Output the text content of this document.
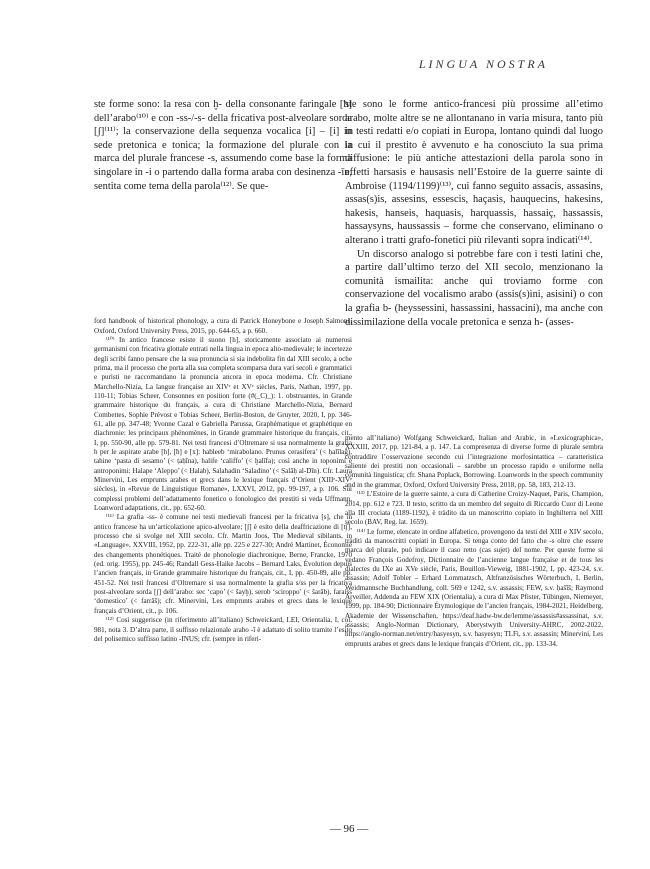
LINGUA NOSTRA

ste forme sono: la resa con ḫ- della consonante faringale [ħ] dell’arabo⁽¹⁰⁾ e con -ss-/-s- della fricativa post-alveolare sorda [ʃ]⁽¹¹⁾; la conservazione della sequenza vocalica [i] – [i] in sede pretonica e tonica; la formazione del plurale con la marca del plurale francese -s, assumendo come base la forma singolare in -i o partendo dalla forma araba con desinenza -īn, sentita come tema della parola⁽¹²⁾. Se que-

ford handbook of historical phonology, a cura di Patrick Honeybone e Joseph Salmons, Oxford, Oxford University Press, 2015, pp. 644-65, a p. 660.

⁽¹⁰⁾ In antico francese esiste il suono [h], storicamente associato ai numerosi germanismi con fricativa glottale entrati nella lingua in epoca alto-medievale; le incertezze degli scribi fanno pensare che la sua pronuncia si sia indebolita fin dal XIII secolo, a oche prima, ma il processo che porta alla sua completa scomparsa dura vari secoli e grammatici e puristi ne raccomandano la pronuncia ancora in epoca moderna. Cfr. Christiane Marchello-Nizia, La langue française au XIVᵉ et XVᵉ siècles, Paris, Nathan, 1997, pp. 110-11; Tobias Scheer, Consonnes en position forte (#(_C)_): 1. obstruantes, in Grande grammaire historique du français, a cura di Christiane Marchello-Nizia, Bernard Combettes, Sophie Prévost e Tobias Scheer, Berlin-Boston, de Gruyter, 2020, I, pp. 346-61, alle pp. 347-48; Yvonne Cazal e Gabriella Parussa, Graphématique et graphétique en diachronie: les principaux phénomènes, in Grande grammaire historique du français, cit., I, pp. 550-90, alle pp. 579-81. Nei testi francesi d’Oltremare si usa normalmente la grafia h per le aspirate arabe [h], [ħ] e [x]: hableeb ‘mirabolano. Prunus cerasifera’ (< ḥalīlaǧ), tahine ‘pasta di sesamo’ (< ṭaḥīna), halife ‘califfo’ (< ḫalīfa); così anche in toponimi e antroponimi: Halape ‘Aleppo’ (< Ḥalab), Salahadin ‘Saladino’ (< Ṣalāḥ al-Dīn). Cfr. Laura Minervini, Les emprunts arabes et grecs dans le lexique français d’Orient (XIIIᵉ-XIVᵉ siècles), in «Revue de Linguistique Romane», LXXVI, 2012, pp. 99-197, a p. 106. Sui complessi problemi dell’adattamento fonetico o fonologico dei prestiti si veda Uffmann, Loanword adaptations, cit., pp. 652-60.

⁽¹¹⁾ La grafia -ss- è comune nei testi medievali francesi per la fricativa [s], che in antico francese ha un’articolazione apico-alveolare; [ʃ] è esito della deaffricazione di [tʃ], processo che si svolge nel XIII secolo. Cfr. Martin Joos, The Medieval sibilants, in «Language», XXVIII, 1952, pp. 222-31, alle pp. 225 e 227-30; André Martinet, Économie des changements phonétiques. Traité de phonologie diachronique, Berne, Francke, 1970 (ed. orig. 1955), pp. 245-46; Randall Gess-Haike Jacobs – Bernard Laks, Évolution depuis l’ancien français, in Grande grammaire historique du français, cit., I, pp. 450-89, alle pp. 451-52. Nei testi francesi d’Oltremare si usa normalmente la grafia s/ss per la fricativa post-alveolare sorda [ʃ] dell’arabo: sec ‘capo’ (< šayḫ), serob ‘sciroppo’ (< šarāb), faraiss ‘domestico’ (< farrāš); cfr. Minervini, Les emprunts arabes et grecs dans le lexique français d’Orient, cit., p. 106.

⁽¹²⁾ Così suggerisce (in riferimento all’italiano) Schweickard, LEI, Orientalia, I, col. 981, nota 3. D’altra parte, il suffisso relazionale arabo -ī è adattato di solito tramite l’esito del polisemico suffisso latino -INUS; cfr. (sempre in riferi-

ste sono le forme antico-francesi più prossime all’etimo arabo, molte altre se ne allontanano in varia misura, tanto più in testi redatti e/o copiati in Europa, lontano quindi dal luogo in cui il prestito è avvenuto e ha conosciuto la sua prima diffusione: le più antiche attestazioni della parola sono in effetti harsasis e hausasis nell’Estoire de la guerre sainte di Ambroise (1194/1199)⁽¹³⁾, cui fanno seguito assacis, assasins, assas(s)is, assesins, essescis, haçasis, hauquecins, hakesins, hakesis, hanseis, haquasis, harquassis, hassaiç, hassassis, hassaysyns, haussassis – forme che conservano, eliminano o alterano i tratti grafo-fonetici più rilevanti sopra indicati⁽¹⁴⁾.

Un discorso analogo si potrebbe fare con i testi latini che, a partire dall’ultimo terzo del XII secolo, menzionano la comunità ismailita: anche qui troviamo forme con conservazione del vocalismo arabo (assis(s)ini, asisini) o con la grafia b- (heyssessini, hassassini, hassacini), ma anche con dissimilazione della vocale pretonica e senza h- (asses-

mento all’italiano) Wolfgang Schweickard, Italian and Arabic, in «Lexicographica», XXXIII, 2017, pp. 121-84, a p. 147. La compresenza di diverse forme di plurale sembra contraddire l’osservazione secondo cui l’integrazione morfosintattica – caratteristica saliente dei prestiti non occasionali – sarebbe un processo rapido e uniforme nella comunità linguistica; cfr. Shana Poplack, Borrowing. Loanwords in the speech community and in the grammar, Oxford, Oxford University Press, 2018, pp. 58, 183, 212-13.

⁽¹³⁾ L’Estoire de la guerre sainte, a cura di Catherine Croizy-Naquet, Paris, Champion, 2014, pp. 612 e 723. Il testo, scritto da un membro del seguito di Riccardo Cuor di Leone alla III crociata (1189-1192), è tràdito da un manoscritto copiato in Inghilterra nel XIII secolo (BAV, Reg. lat. 1659).

⁽¹⁴⁾ Le forme, elencate in ordine alfabetico, provengono da testi del XIII e XIV secolo, tràditi da manoscritti copiati in Europa. Si tenga conto del fatto che -s oltre che essere marca del plurale, può indicare il caso retto (cas sujet) del nome. Per queste forme si vedano François Godefroy, Dictionnaire de l’ancienne langue française et de tous les dialectes du IXe au XVe siècle, Paris, Bouillon-Vieweig, 1881-1902, I, pp. 423-24, s.v. assassin; Adolf Tobler – Erhard Lommatzsch, Altfranzösisches Wörterbuch, I, Berlin, Weidmannsche Buchhandlung, coll. 569 e 1242, s.v. assassis; FEW, s.v. ḥašīš; Raymond Arveiller, Addenda au FEW XIX (Orientalia), a cura di Max Pfister, Tübingen, Niemeyer, 1999, pp. 184-90; Dictionnaire Étymologique de l’ancien français, 1984-2021, Heidelberg, Akademie der Wissenschaften, https://deaf.hadw-bw.de/lemme/assassis#assassinat, s.v. assassis; Anglo-Norman Dictionary, Aberystwyth University-AHRC, 2002-2022, https://anglo-norman.net/entry/hasyesyn, s.v. hasyesyn; TLFi, s.v. assassin; Minervini, Les emprunts arabes et grecs dans le lexique français d’Orient, cit., pp. 133-34.

— 96 —
